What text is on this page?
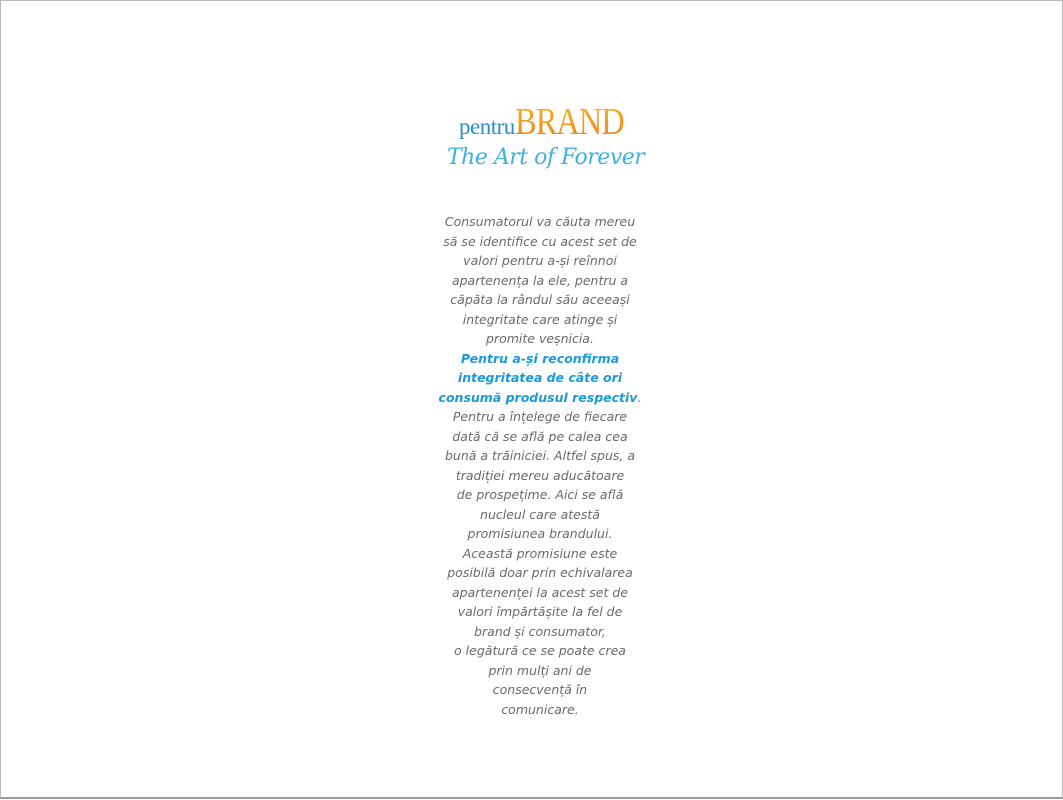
pentruBRAND
The Art of Forever
Consumatorul va căuta mereu
să se identifice cu acest set de
valori pentru a-și reînnoi
apartenența la ele, pentru a
căpăta la rândul său aceeași
integritate care atinge și
promite veșnicia.
Pentru a-și reconfirma
integritatea de câte ori
consumă produsul respectiv.
Pentru a înțelege de fiecare
dată că se află pe calea cea
bună a trăiniciei. Altfel spus, a
tradiției mereu aducătoare
de prospețime. Aici se află
nucleul care atestă
promisiunea brandului.
Această promisiune este
posibilă doar prin echivalarea
apartenenței la acest set de
valori împărtășite la fel de
brand și consumator,
o legătură ce se poate crea
prin mulți ani de
consecvență în
comunicare.
